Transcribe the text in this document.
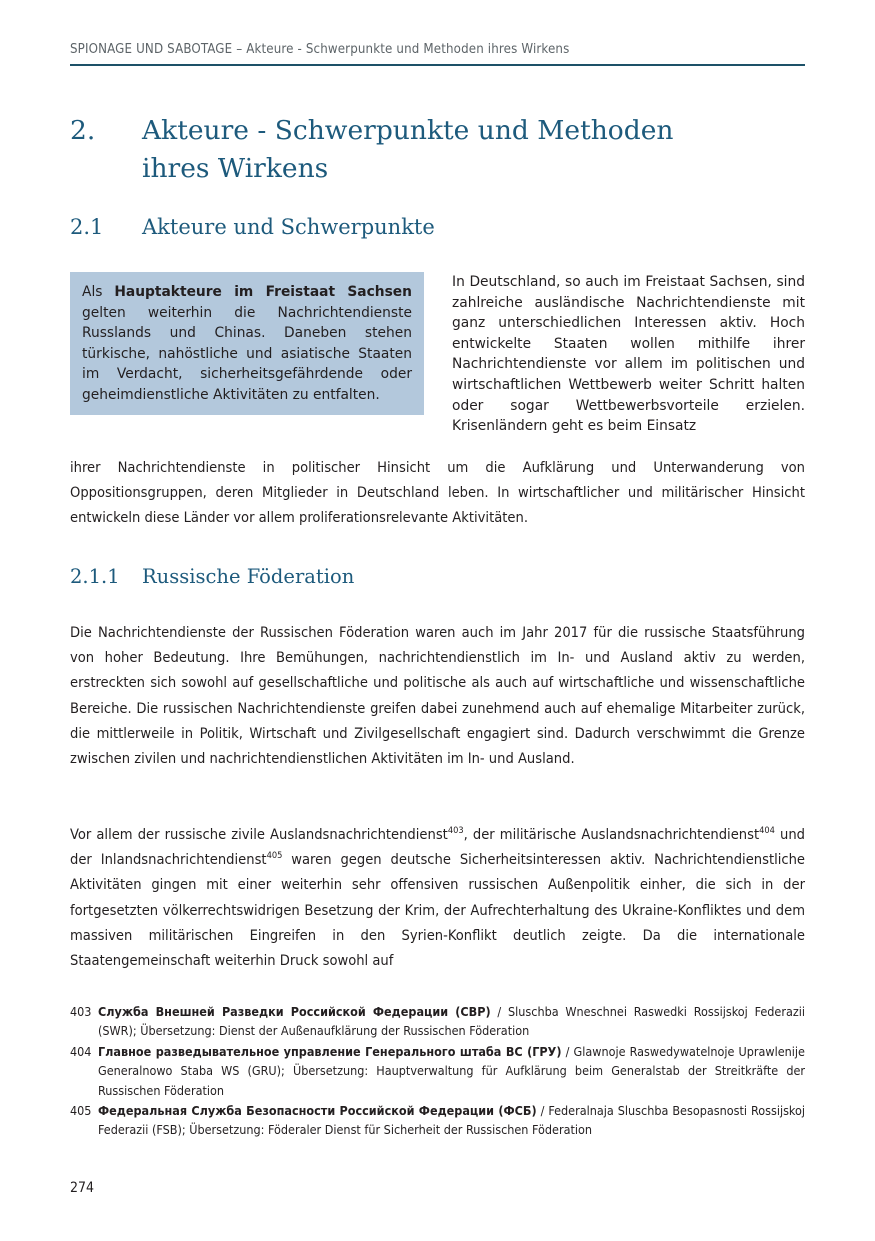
SPIONAGE UND SABOTAGE – Akteure - Schwerpunkte und Methoden ihres Wirkens
2.	Akteure - Schwerpunkte und Methoden
ihres Wirkens
2.1	Akteure und Schwerpunkte

Als Hauptakteure im Freistaat Sachsen gelten weiterhin die Nachrichtendienste Russlands und Chinas. Daneben stehen türkische, nahöstliche und asiatische Staaten im Verdacht, sicherheitsgefährdende oder geheimdienstliche Aktivitäten zu entfalten.

In Deutschland, so auch im Freistaat Sachsen, sind zahlreiche ausländische Nachrichtendienste mit ganz unterschiedlichen Interessen aktiv. Hoch entwickelte Staaten wollen mithilfe ihrer Nachrichtendienste vor allem im politischen und wirtschaftlichen Wettbewerb weiter Schritt halten oder sogar Wettbewerbsvorteile erzielen. Krisenländern geht es beim Einsatz

ihrer Nachrichtendienste in politischer Hinsicht um die Aufklärung und Unterwanderung von Oppositionsgruppen, deren Mitglieder in Deutschland leben. In wirtschaftlicher und militärischer Hinsicht entwickeln diese Länder vor allem proliferationsrelevante Aktivitäten.

2.1.1	Russische Föderation

Die Nachrichtendienste der Russischen Föderation waren auch im Jahr 2017 für die russische Staatsführung von hoher Bedeutung. Ihre Bemühungen, nachrichtendienstlich im In- und Ausland aktiv zu werden, erstreckten sich sowohl auf gesellschaftliche und politische als auch auf wirtschaftliche und wissenschaftliche Bereiche. Die russischen Nachrichtendienste greifen dabei zunehmend auch auf ehemalige Mitarbeiter zurück, die mittlerweile in Politik, Wirtschaft und Zivilgesellschaft engagiert sind. Dadurch verschwimmt die Grenze zwischen zivilen und nachrichtendienstlichen Aktivitäten im In- und Ausland.

Vor allem der russische zivile Auslandsnachrichtendienst$^{403}$, der militärische Auslandsnachrichtendienst$^{404}$ und der Inlandsnachrichtendienst$^{405}$ waren gegen deutsche Sicherheitsinteressen aktiv. Nachrichtendienstliche Aktivitäten gingen mit einer weiterhin sehr offensiven russischen Außenpolitik einher, die sich in der fortgesetzten völkerrechtswidrigen Besetzung der Krim, der Aufrechterhaltung des Ukraine-Konfliktes und dem massiven militärischen Eingreifen in den Syrien-Konflikt deutlich zeigte. Da die internationale Staatengemeinschaft weiterhin Druck sowohl auf

403 Служба Внешней Разведки Российской Федерации (СВР) / Sluschba Wneschnei Raswedki Rossijskoj Federazii (SWR); Übersetzung: Dienst der Außenaufklärung der Russischen Föderation
404 Главное разведывательное управление Генерального штаба ВС (ГРУ) / Glawnoje Raswedywatelnoje Uprawlenije Generalnowo Staba WS (GRU); Übersetzung: Hauptverwaltung für Aufklärung beim Generalstab der Streitkräfte der Russischen Föderation
405 Федеральная Служба Безопасности Российской Федерации (ФСБ) / Federalnaja Sluschba Besopasnosti Rossijskoj Federazii (FSB); Übersetzung: Föderaler Dienst für Sicherheit der Russischen Föderation
274
